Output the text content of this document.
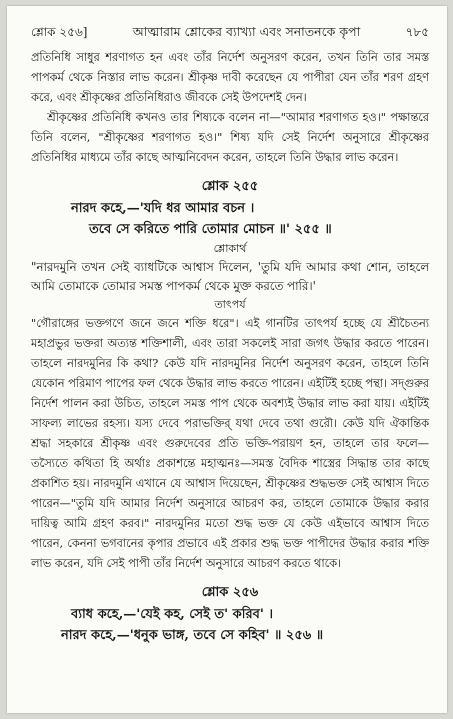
শ্লোক ২৫৬]	আত্মারাম শ্লোকের ব্যাখ্যা এবং সনাতনকে কৃপা	৭৮৫

প্রতিনিধি সাধুর শরণাগত হন এবং তাঁর নির্দেশ অনুসরণ করেন, তখন তিনি তার সমস্ত পাপকর্ম থেকে নিস্তার লাভ করেন। শ্রীকৃষ্ণ দাবী করেছেন যে পাপীরা যেন তাঁর শরণ গ্রহণ করে, এবং শ্রীকৃষ্ণের প্রতিনিধিরাও জীবকে সেই উপদেশই দেন।

শ্রীকৃষ্ণের প্রতিনিধি কখনও তার শিষ্যকে বলেন না—"আমার শরণাগত হও।" পক্ষান্তরে তিনি বলেন, "শ্রীকৃষ্ণের শরণাগত হও।" শিষ্য যদি সেই নির্দেশ অনুসারে শ্রীকৃষ্ণের প্রতিনিধির মাধ্যমে তাঁর কাছে আত্মনিবেদন করেন, তাহলে তিনি উদ্ধার লাভ করেন।

শ্লোক ২৫৫
নারদ কহে,—'যদি ধর আমার বচন ।
তবে সে করিতে পারি তোমার মোচন ॥' ২৫৫ ॥
শ্লোকার্থ

"নারদমুনি তখন সেই ব্যাধটিকে আশ্বাস দিলেন, 'তুমি যদি আমার কথা শোন, তাহলে আমি তোমাকে তোমার সমস্ত পাপকর্ম থেকে মুক্ত করতে পারি।'

তাৎপর্য

"গৌরাঙ্গের ভক্তগণে জনে জনে শক্তি ধরে"। এই গানটির তাৎপর্য হচ্ছে যে শ্রীচৈতন্য মহাপ্রভুর ভক্তরা অত্যন্ত শক্তিশালী, এবং তারা সকলেই সারা জগৎ উদ্ধার করতে পারেন। তাহলে নারদমুনির কি কথা? কেউ যদি নারদমুনির নির্দেশ অনুসরণ করেন, তাহলে তিনি যেকোন পরিমাণ পাপের ফল থেকে উদ্ধার লাভ করতে পারেন। এইটিই হচ্ছে পন্থা। সদ্গুরুর নির্দেশ পালন করা উচিত, তাহলে সমস্ত পাপ থেকে অবশ্যই উদ্ধার লাভ করা যায়। এইটিই সাফল্য লাভের রহস্য। যস্য দেবে পরাভক্তির্ যথা দেবে তথা গুরৌ। কেউ যদি ঐকান্তিক শ্রদ্ধা সহকারে শ্রীকৃষ্ণ এবং গুরুদেবের প্রতি ভক্তি-পরায়ণ হন, তাহলে তার ফলে—তস্যৈতে কথিতা হি অর্থাঃ প্রকাশন্তে মহাত্মনঃ—সমস্ত বৈদিক শাস্ত্রের সিদ্ধান্ত তার কাছে প্রকাশিত হয়। নারদমুনি এখানে যে আশ্বাস দিয়েছেন, শ্রীকৃষ্ণের শুদ্ধভক্ত সেই আশ্বাস দিতে পারেন—"তুমি যদি আমার নির্দেশ অনুসারে আচরণ কর, তাহলে তোমাকে উদ্ধার করার দায়িত্ব আমি গ্রহণ করব।" নারদমুনির মতো শুদ্ধ ভক্ত যে কেউ এইভাবে আশ্বাস দিতে পারেন, কেননা ভগবানের কৃপার প্রভাবে এই প্রকার শুদ্ধ ভক্ত পাপীদের উদ্ধার করার শক্তি লাভ করেন, যদি সেই পাপী তাঁর নির্দেশ অনুসারে আচরণ করতে থাকে।

শ্লোক ২৫৬
ব্যাধ কহে,—'যেই কহ, সেই ত' করিব' ।
নারদ কহে,—'ধনুক ভাঙ্গ, তবে সে কহিব' ॥ ২৫৬ ॥
